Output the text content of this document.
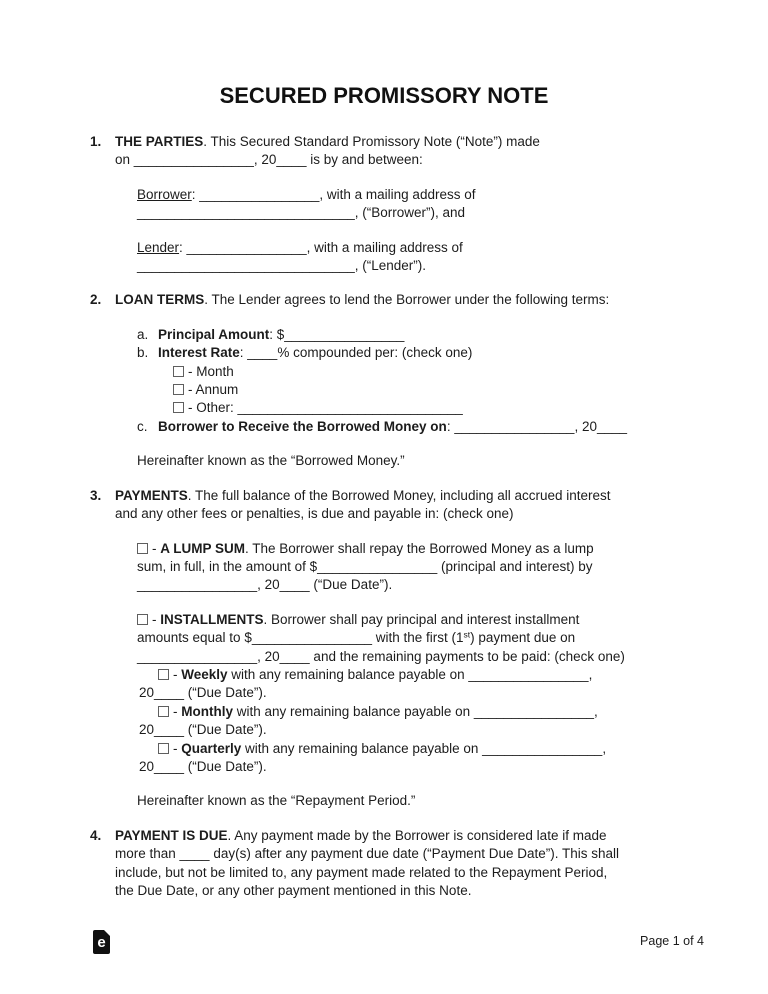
SECURED PROMISSORY NOTE
1.	THE PARTIES. This Secured Standard Promissory Note (“Note”) made
on ________________, 20____ is by and between:

Borrower: ________________, with a mailing address of
_____________________________, (“Borrower”), and

Lender: ________________, with a mailing address of
_____________________________, (“Lender”).

2.	LOAN TERMS. The Lender agrees to lend the Borrower under the following terms:

a. Principal Amount: $________________
b. Interest Rate: ____% compounded per: (check one)
- Month
- Annum
- Other: ______________________________
c. Borrower to Receive the Borrowed Money on: ________________, 20____

Hereinafter known as the “Borrowed Money.”

3.	PAYMENTS. The full balance of the Borrowed Money, including all accrued interest
and any other fees or penalties, is due and payable in: (check one)

- A LUMP SUM. The Borrower shall repay the Borrowed Money as a lump
sum, in full, in the amount of $________________ (principal and interest) by
________________, 20____ (“Due Date”).

- INSTALLMENTS. Borrower shall pay principal and interest installment
amounts equal to $________________ with the first (1st) payment due on
________________, 20____ and the remaining payments to be paid: (check one)

- Weekly with any remaining balance payable on ________________,
20____ (“Due Date”).
- Monthly with any remaining balance payable on ________________,
20____ (“Due Date”).
- Quarterly with any remaining balance payable on ________________,
20____ (“Due Date”).

Hereinafter known as the “Repayment Period.”

4.	PAYMENT IS DUE. Any payment made by the Borrower is considered late if made
more than ____ day(s) after any payment due date (“Payment Due Date”). This shall
include, but not be limited to, any payment made related to the Repayment Period,
the Due Date, or any other payment mentioned in this Note.

e	Page 1 of 4
